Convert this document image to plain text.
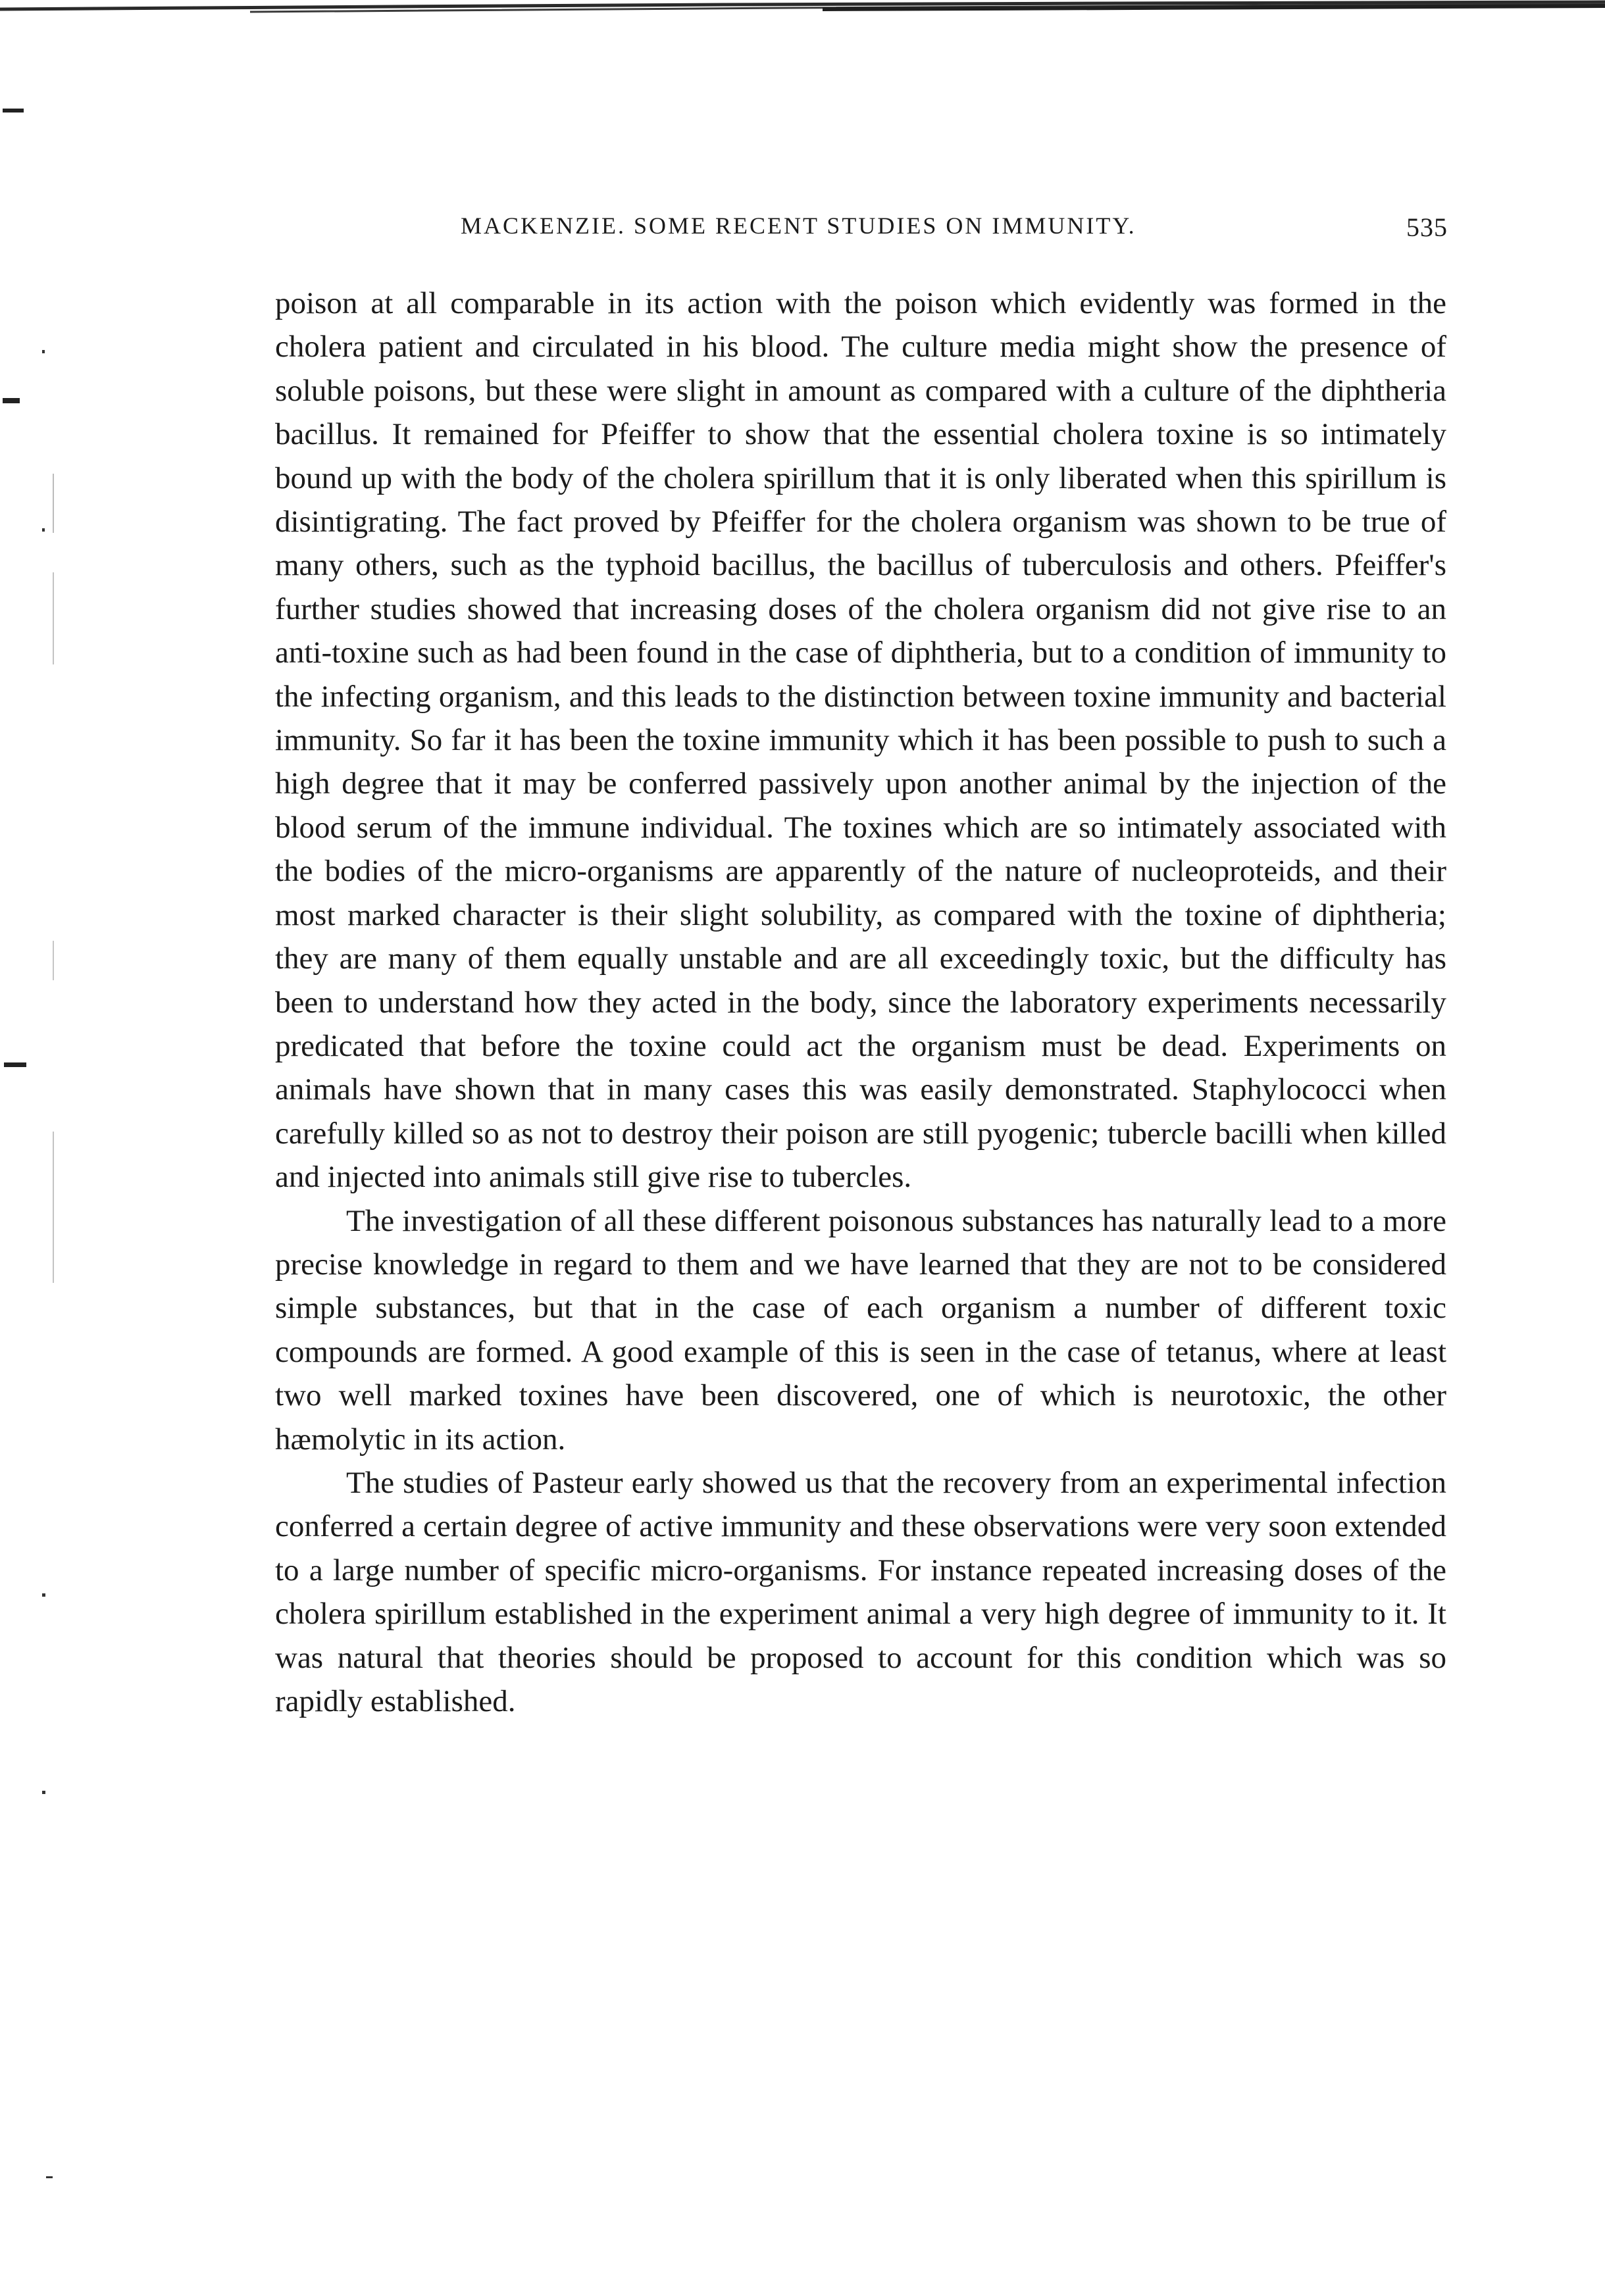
MACKENZIE. SOME RECENT STUDIES ON IMMUNITY.	535

poison at all comparable in its action with the poison which evidently was formed in the cholera patient and circulated in his blood. The culture media might show the presence of soluble poisons, but these were slight in amount as compared with a culture of the diphtheria bacillus. It remained for Pfeiffer to show that the essential cholera toxine is so intimately bound up with the body of the cholera spirillum that it is only liberated when this spirillum is disintigrating. The fact proved by Pfeiffer for the cholera organism was shown to be true of many others, such as the typhoid bacillus, the bacillus of tuberculosis and others. Pfeiffer's further studies showed that increasing doses of the cholera organism did not give rise to an anti-toxine such as had been found in the case of diphtheria, but to a condition of immunity to the infecting organism, and this leads to the distinction between toxine immunity and bacterial immunity. So far it has been the toxine immunity which it has been possible to push to such a high degree that it may be conferred passively upon another animal by the injection of the blood serum of the immune individual. The toxines which are so intimately associated with the bodies of the micro-organisms are apparently of the nature of nucleoproteids, and their most marked character is their slight solubility, as compared with the toxine of diphtheria; they are many of them equally unstable and are all exceedingly toxic, but the difficulty has been to understand how they acted in the body, since the laboratory experiments necessarily predicated that before the toxine could act the organism must be dead. Experiments on animals have shown that in many cases this was easily demonstrated. Staphylococci when carefully killed so as not to destroy their poison are still pyogenic; tubercle bacilli when killed and injected into animals still give rise to tubercles.

The investigation of all these different poisonous substances has naturally lead to a more precise knowledge in regard to them and we have learned that they are not to be considered simple substances, but that in the case of each organism a number of different toxic compounds are formed. A good example of this is seen in the case of tetanus, where at least two well marked toxines have been discovered, one of which is neurotoxic, the other hæmolytic in its action.

The studies of Pasteur early showed us that the recovery from an experimental infection conferred a certain degree of active immunity and these observations were very soon extended to a large number of specific micro-organisms. For instance repeated increasing doses of the cholera spirillum established in the experiment animal a very high degree of immunity to it. It was natural that theories should be proposed to account for this condition which was so rapidly established.
